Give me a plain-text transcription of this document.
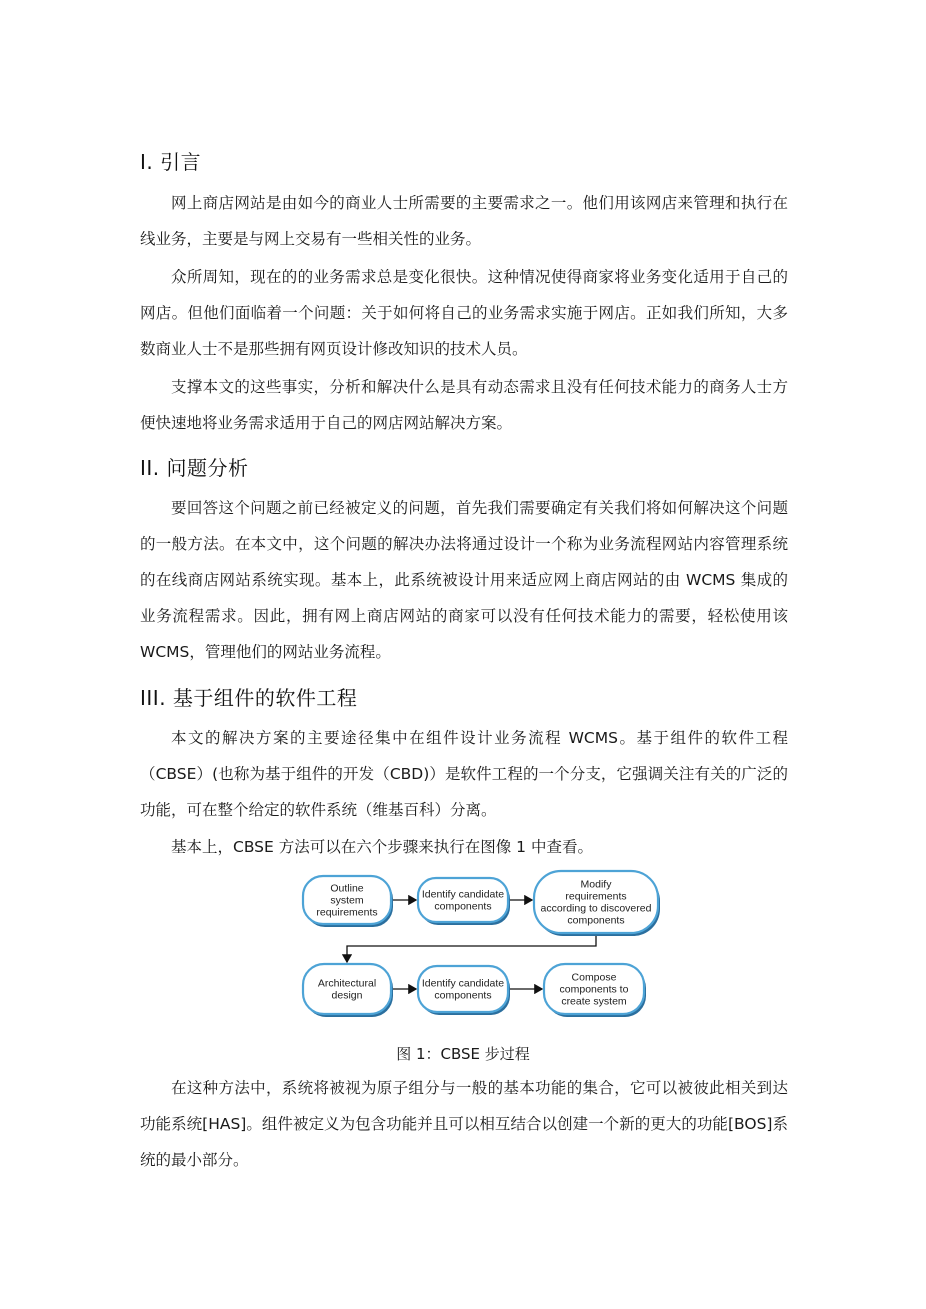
I. 引言

网上商店网站是由如今的商业人士所需要的主要需求之一。他们用该网店来管理和执行在线业务，主要是与网上交易有一些相关性的业务。

众所周知，现在的的业务需求总是变化很快。这种情况使得商家将业务变化适用于自己的网店。但他们面临着一个问题：关于如何将自己的业务需求实施于网店。正如我们所知，大多数商业人士不是那些拥有网页设计修改知识的技术人员。

支撑本文的这些事实，分析和解决什么是具有动态需求且没有任何技术能力的商务人士方便快速地将业务需求适用于自己的网店网站解决方案。

II. 问题分析

要回答这个问题之前已经被定义的问题，首先我们需要确定有关我们将如何解决这个问题的一般方法。在本文中，这个问题的解决办法将通过设计一个称为业务流程网站内容管理系统的在线商店网站系统实现。基本上，此系统被设计用来适应网上商店网站的由 WCMS 集成的业务流程需求。因此，拥有网上商店网站的商家可以没有任何技术能力的需要，轻松使用该 WCMS，管理他们的网站业务流程。

III. 基于组件的软件工程

本文的解决方案的主要途径集中在组件设计业务流程 WCMS。基于组件的软件工程（CBSE）(也称为基于组件的开发（CBD)）是软件工程的一个分支，它强调关注有关的广泛的功能，可在整个给定的软件系统（维基百科）分离。

基本上，CBSE 方法可以在六个步骤来执行在图像 1 中查看。

Outline
system
requirements
Identify candidate
components
Modify
requirements
according to discovered
components
Architectural
design
Identify candidate
components
Compose
components to
create system

图 1：CBSE 步过程

在这种方法中，系统将被视为原子组分与一般的基本功能的集合，它可以被彼此相关到达功能系统[HAS]。组件被定义为包含功能并且可以相互结合以创建一个新的更大的功能[BOS]系统的最小部分。
